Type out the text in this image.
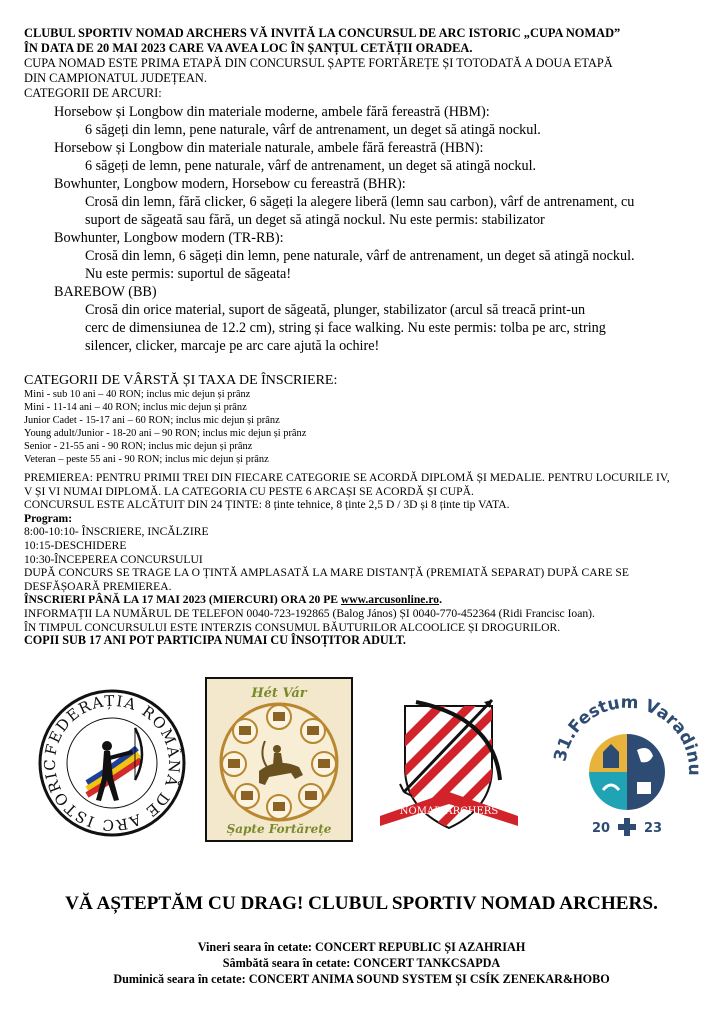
CLUBUL SPORTIV NOMAD ARCHERS VĂ INVITĂ LA CONCURSUL DE ARC ISTORIC „CUPA NOMAD”
ÎN DATA DE 20 MAI 2023 CARE VA AVEA LOC ÎN ȘANȚUL CETĂȚII ORADEA.
CUPA NOMAD ESTE PRIMA ETAPĂ DIN CONCURSUL ȘAPTE FORTĂREȚE ȘI TOTODATĂ A DOUA ETAPĂ
DIN CAMPIONATUL JUDEȚEAN.
CATEGORII DE ARCURI:
Horsebow și Longbow din materiale moderne, ambele fără fereastră (HBM):
6 săgeți din lemn, pene naturale, vârf de antrenament, un deget să atingă nockul.
Horsebow și Longbow din materiale naturale, ambele fără fereastră (HBN):
6 săgeți de lemn, pene naturale, vârf de antrenament, un deget să atingă nockul.
Bowhunter, Longbow modern, Horsebow cu fereastră (BHR):
Crosă din lemn, fără clicker, 6 săgeți la alegere liberă (lemn sau carbon), vârf de antrenament, cu
suport de săgeată sau fără, un deget să atingă nockul. Nu este permis: stabilizator
Bowhunter, Longbow modern (TR-RB):
Crosă din lemn, 6 săgeți din lemn, pene naturale, vârf de antrenament, un deget să atingă nockul.
Nu este permis: suportul de săgeata!
BAREBOW (BB)
Crosă din orice material, suport de săgeată, plunger, stabilizator (arcul să treacă print-un
cerc de dimensiunea de 12.2 cm), string și face walking. Nu este permis: tolba pe arc, string
silencer, clicker, marcaje pe arc care ajută la ochire!
CATEGORII DE VÂRSTĂ ȘI TAXA DE ÎNSCRIERE:
Mini - sub 10 ani – 40 RON; inclus mic dejun și prânz
Mini - 11-14 ani – 40 RON; inclus mic dejun și prânz
Junior Cadet - 15-17 ani – 60 RON; inclus mic dejun și prânz
Young adult/Junior - 18-20 ani – 90 RON; inclus mic dejun și prânz
Senior - 21-55 ani - 90 RON; inclus mic dejun și prânz
Veteran – peste 55 ani - 90 RON; inclus mic dejun și prânz
PREMIEREA: PENTRU PRIMII TREI DIN FIECARE CATEGORIE SE ACORDĂ DIPLOMĂ ȘI MEDALIE. PENTRU LOCURILE IV,
V ȘI VI NUMAI DIPLOMĂ. LA CATEGORIA CU PESTE 6 ARCAȘI SE ACORDĂ ȘI CUPĂ.
CONCURSUL ESTE ALCĂTUIT DIN 24 ȚINTE: 8 ținte tehnice, 8 ținte 2,5 D / 3D și 8 ținte tip VATA.
Program:
8:00-10:10- ÎNSCRIERE, INCĂLZIRE
10:15-DESCHIDERE
10:30-ÎNCEPEREA CONCURSULUI
DUPĂ CONCURS SE TRAGE LA O ȚINTĂ AMPLASATĂ LA MARE DISTANȚĂ (PREMIATĂ SEPARAT) DUPĂ CARE SE
DESFĂȘOARĂ PREMIEREA.
ÎNSCRIERI PÂNĂ LA 17 MAI 2023 (MIERCURI) ORA 20 PE www.arcusonline.ro.
INFORMAȚII LA NUMĂRUL DE TELEFON 0040-723-192865 (Balog János) ȘI 0040-770-452364 (Ridi Francisc Ioan).
ÎN TIMPUL CONCURSULUI ESTE INTERZIS CONSUMUL BĂUTURILOR ALCOOLICE ȘI DROGURILOR.
COPII SUB 17 ANI POT PARTICIPA NUMAI CU ÎNSOȚITOR ADULT.
FEDERAȚIA ROMÂNĂ DE ARC ISTORIC
Hét Vár
Șapte Fortărețe
NOMAD ARCHERS
1.Festum Varadi
20	23
VĂ AȘTEPTĂM CU DRAG! CLUBUL SPORTIV NOMAD ARCHERS.
Vineri seara în cetate: CONCERT REPUBLIC ȘI AZAHRIAH
Sâmbătă seara în cetate: CONCERT TANKCSAPDA
Duminică seara în cetate: CONCERT ANIMA SOUND SYSTEM ȘI CSÍK ZENEKAR&HOBO
